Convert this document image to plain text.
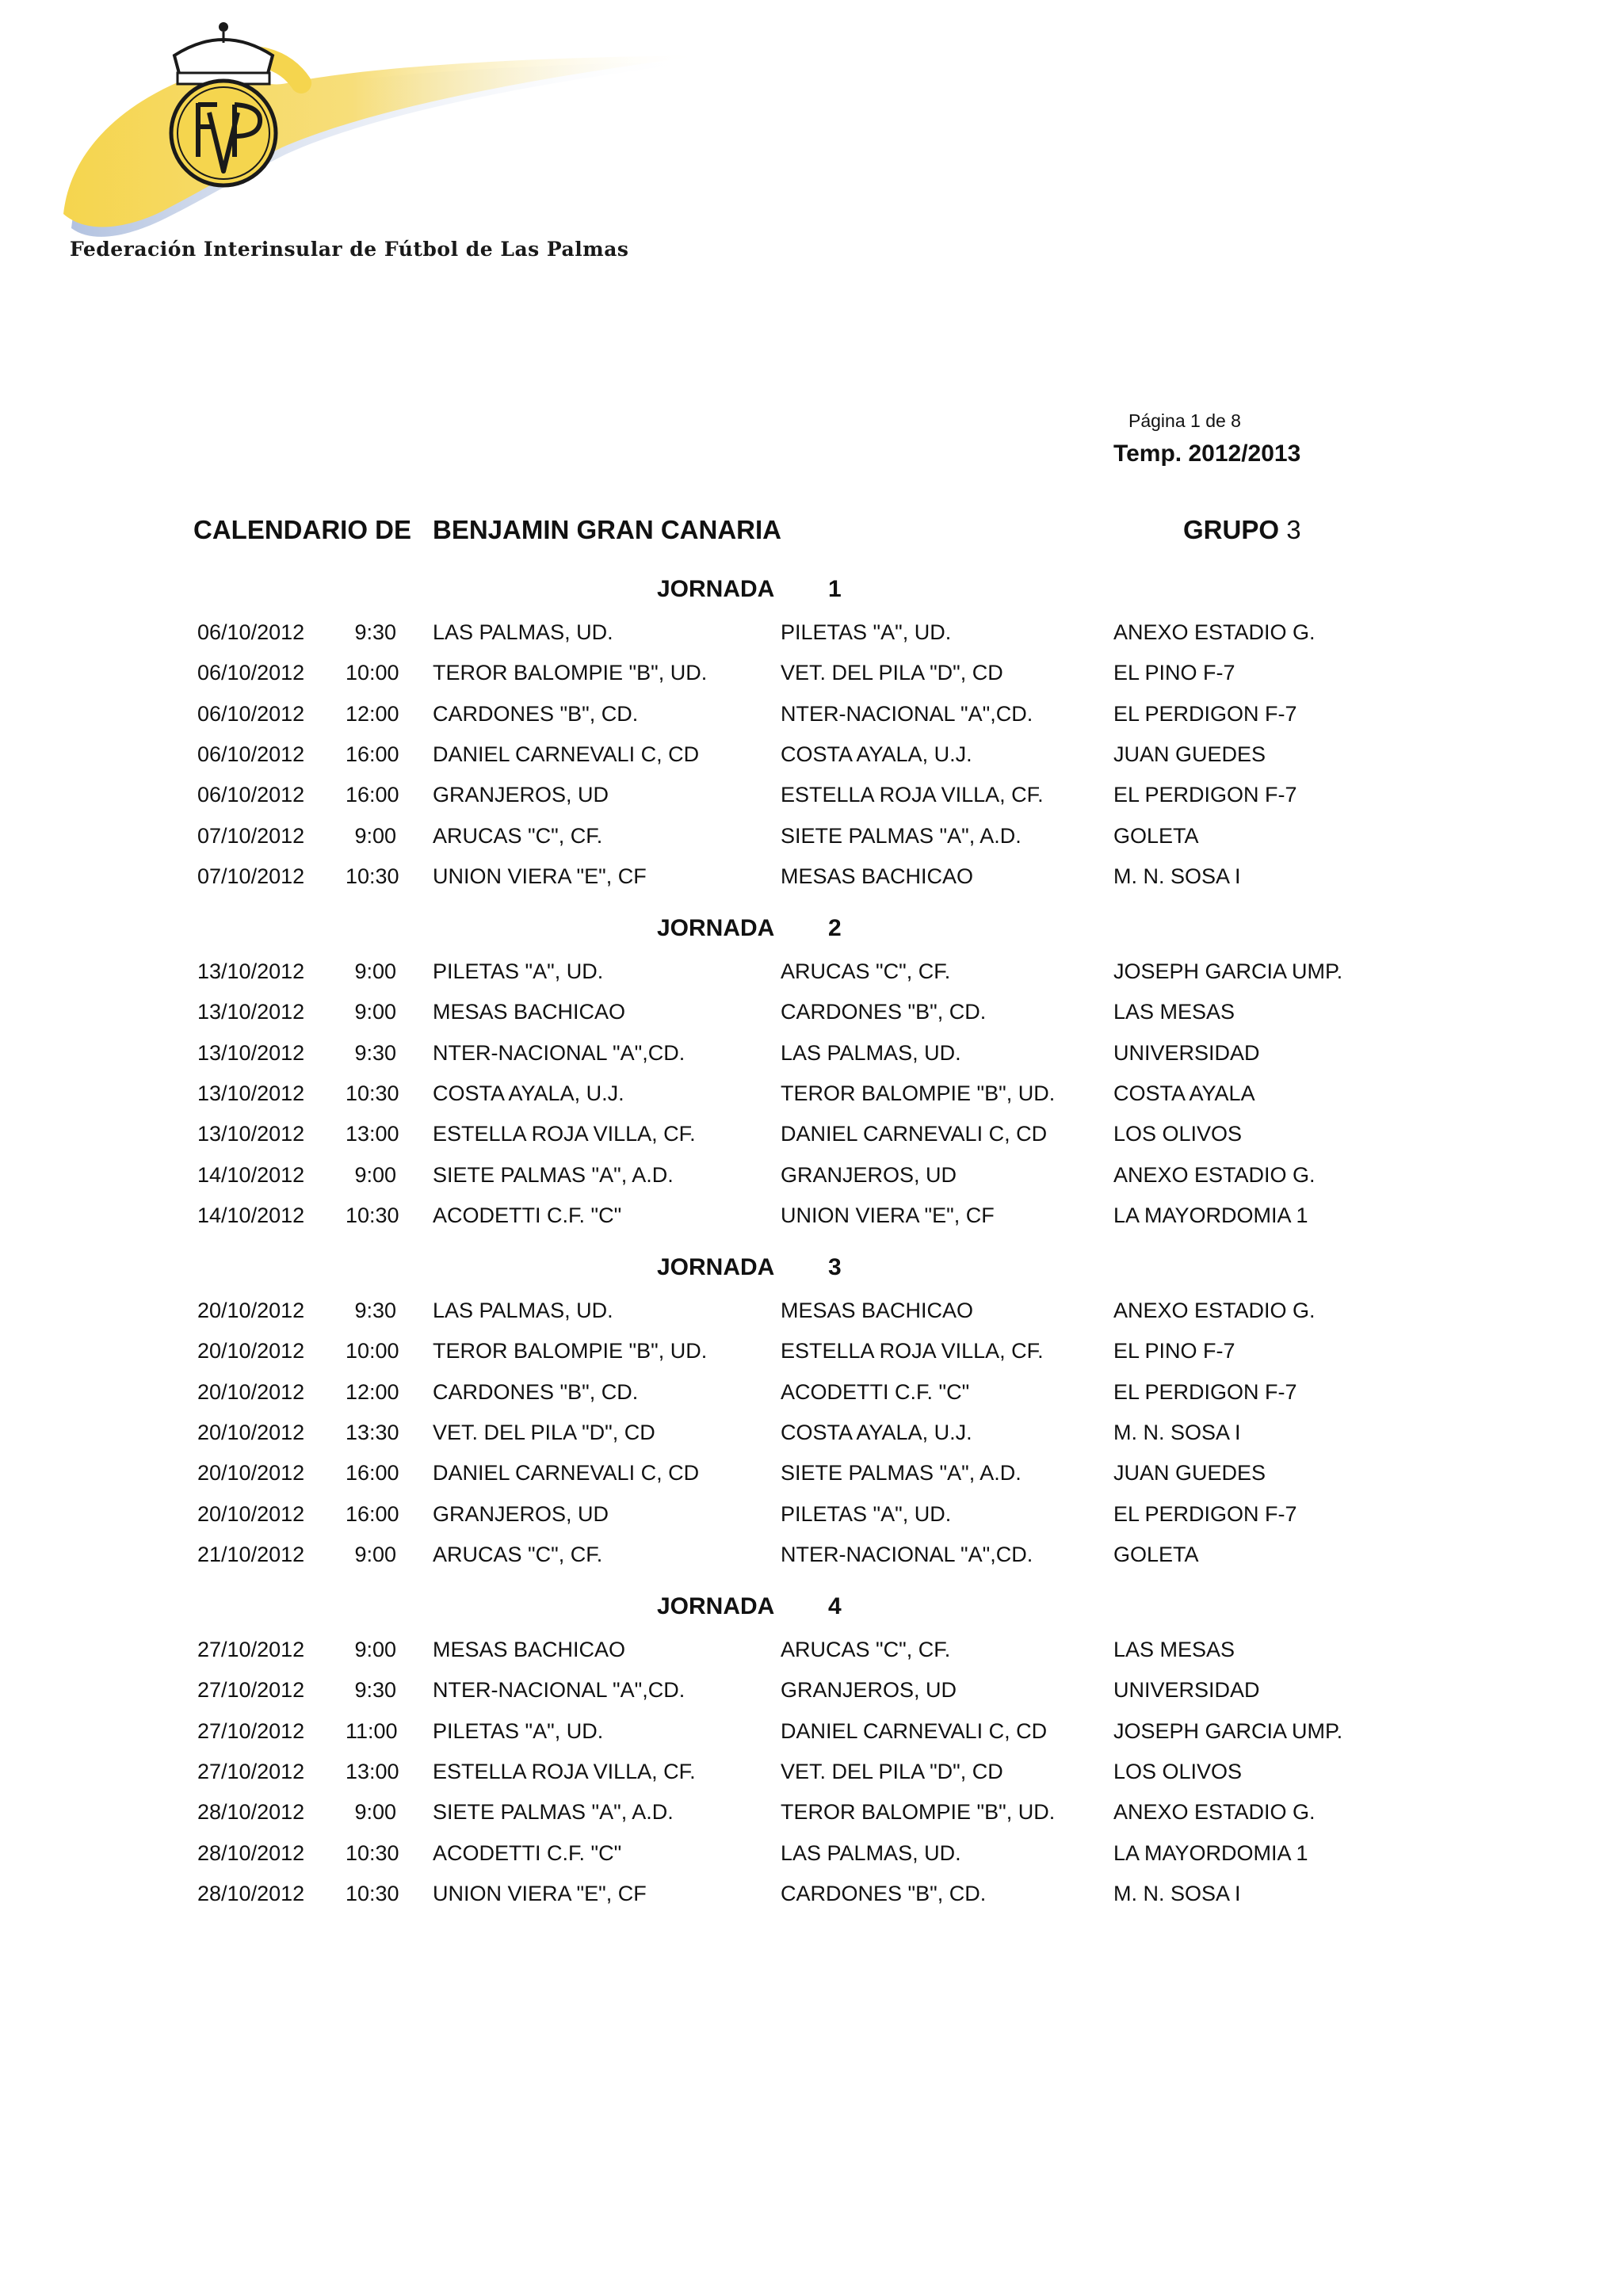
Federación Interinsular de Fútbol de Las Palmas
Página 1 de 8
Temp. 2012/2013
CALENDARIO DE BENJAMIN GRAN CANARIA	GRUPO 3
JORNADA 1
06/10/2012	9:30 LAS PALMAS, UD.	PILETAS "A", UD.	ANEXO ESTADIO G.
06/10/2012 10:00 TEROR BALOMPIE "B", UD.	VET. DEL PILA "D", CD	EL PINO F-7
06/10/2012 12:00 CARDONES "B", CD.	NTER-NACIONAL "A",CD.	EL PERDIGON F-7
06/10/2012 16:00 DANIEL CARNEVALI C, CD	COSTA AYALA, U.J.	JUAN GUEDES
06/10/2012 16:00 GRANJEROS, UD	ESTELLA ROJA VILLA, CF.	EL PERDIGON F-7
07/10/2012	9:00 ARUCAS "C", CF.	SIETE PALMAS "A", A.D.	GOLETA
07/10/2012 10:30 UNION VIERA "E", CF	MESAS BACHICAO	M. N. SOSA I
JORNADA 2
13/10/2012	9:00 PILETAS "A", UD.	ARUCAS "C", CF.	JOSEPH GARCIA UMP.
13/10/2012	9:00 MESAS BACHICAO	CARDONES "B", CD.	LAS MESAS
13/10/2012	9:30 NTER-NACIONAL "A",CD.	LAS PALMAS, UD.	UNIVERSIDAD
13/10/2012 10:30 COSTA AYALA, U.J.	TEROR BALOMPIE "B", UD.	COSTA AYALA
13/10/2012 13:00 ESTELLA ROJA VILLA, CF.	DANIEL CARNEVALI C, CD	LOS OLIVOS
14/10/2012	9:00 SIETE PALMAS "A", A.D.	GRANJEROS, UD	ANEXO ESTADIO G.
14/10/2012 10:30 ACODETTI C.F. "C"	UNION VIERA "E", CF	LA MAYORDOMIA 1
JORNADA 3
20/10/2012	9:30 LAS PALMAS, UD.	MESAS BACHICAO	ANEXO ESTADIO G.
20/10/2012 10:00 TEROR BALOMPIE "B", UD.	ESTELLA ROJA VILLA, CF.	EL PINO F-7
20/10/2012 12:00 CARDONES "B", CD.	ACODETTI C.F. "C"	EL PERDIGON F-7
20/10/2012 13:30 VET. DEL PILA "D", CD	COSTA AYALA, U.J.	M. N. SOSA I
20/10/2012 16:00 DANIEL CARNEVALI C, CD	SIETE PALMAS "A", A.D.	JUAN GUEDES
20/10/2012 16:00 GRANJEROS, UD	PILETAS "A", UD.	EL PERDIGON F-7
21/10/2012	9:00 ARUCAS "C", CF.	NTER-NACIONAL "A",CD.	GOLETA
JORNADA 4
27/10/2012	9:00 MESAS BACHICAO	ARUCAS "C", CF.	LAS MESAS
27/10/2012	9:30 NTER-NACIONAL "A",CD.	GRANJEROS, UD	UNIVERSIDAD
27/10/2012 11:00 PILETAS "A", UD.	DANIEL CARNEVALI C, CD	JOSEPH GARCIA UMP.
27/10/2012 13:00 ESTELLA ROJA VILLA, CF.	VET. DEL PILA "D", CD	LOS OLIVOS
28/10/2012	9:00 SIETE PALMAS "A", A.D.	TEROR BALOMPIE "B", UD.	ANEXO ESTADIO G.
28/10/2012 10:30 ACODETTI C.F. "C"	LAS PALMAS, UD.	LA MAYORDOMIA 1
28/10/2012 10:30 UNION VIERA "E", CF	CARDONES "B", CD.	M. N. SOSA I
